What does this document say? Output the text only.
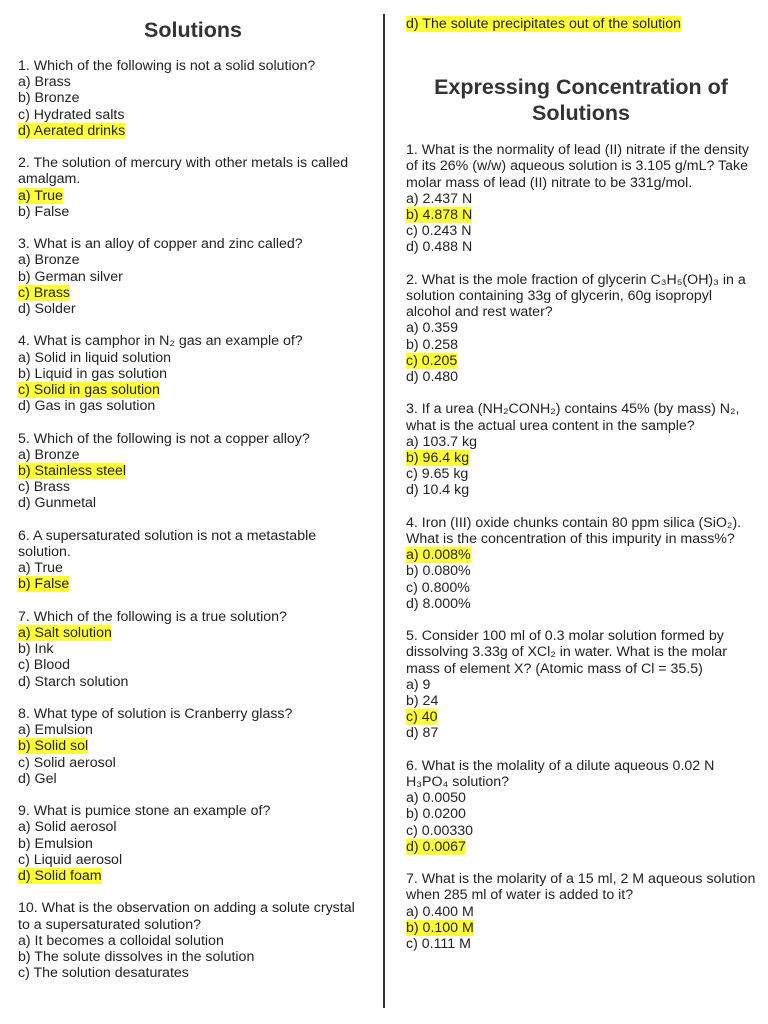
Solutions
1. Which of the following is not a solid solution?
a) Brass
b) Bronze
c) Hydrated salts
d) Aerated drinks
2. The solution of mercury with other metals is called amalgam.
a) True
b) False
3. What is an alloy of copper and zinc called?
a) Bronze
b) German silver
c) Brass
d) Solder
4. What is camphor in N₂ gas an example of?
a) Solid in liquid solution
b) Liquid in gas solution
c) Solid in gas solution
d) Gas in gas solution
5. Which of the following is not a copper alloy?
a) Bronze
b) Stainless steel
c) Brass
d) Gunmetal
6. A supersaturated solution is not a metastable solution.
a) True
b) False
7. Which of the following is a true solution?
a) Salt solution
b) Ink
c) Blood
d) Starch solution
8. What type of solution is Cranberry glass?
a) Emulsion
b) Solid sol
c) Solid aerosol
d) Gel
9. What is pumice stone an example of?
a) Solid aerosol
b) Emulsion
c) Liquid aerosol
d) Solid foam
10. What is the observation on adding a solute crystal to a supersaturated solution?
a) It becomes a colloidal solution
b) The solute dissolves in the solution
c) The solution desaturates
d) The solute precipitates out of the solution
Expressing Concentration of Solutions
1. What is the normality of lead (II) nitrate if the density of its 26% (w/w) aqueous solution is 3.105 g/mL? Take molar mass of lead (II) nitrate to be 331g/mol.
a) 2.437 N
b) 4.878 N
c) 0.243 N
d) 0.488 N
2. What is the mole fraction of glycerin C₃H₅(OH)₃ in a solution containing 33g of glycerin, 60g isopropyl alcohol and rest water?
a) 0.359
b) 0.258
c) 0.205
d) 0.480
3. If a urea (NH₂CONH₂) contains 45% (by mass) N₂, what is the actual urea content in the sample?
a) 103.7 kg
b) 96.4 kg
c) 9.65 kg
d) 10.4 kg
4. Iron (III) oxide chunks contain 80 ppm silica (SiO₂). What is the concentration of this impurity in mass%?
a) 0.008%
b) 0.080%
c) 0.800%
d) 8.000%
5. Consider 100 ml of 0.3 molar solution formed by dissolving 3.33g of XCl₂ in water. What is the molar mass of element X? (Atomic mass of Cl = 35.5)
a) 9
b) 24
c) 40
d) 87
6. What is the molality of a dilute aqueous 0.02 N H₃PO₄ solution?
a) 0.0050
b) 0.0200
c) 0.00330
d) 0.0067
7. What is the molarity of a 15 ml, 2 M aqueous solution when 285 ml of water is added to it?
a) 0.400 M
b) 0.100 M
c) 0.111 M
